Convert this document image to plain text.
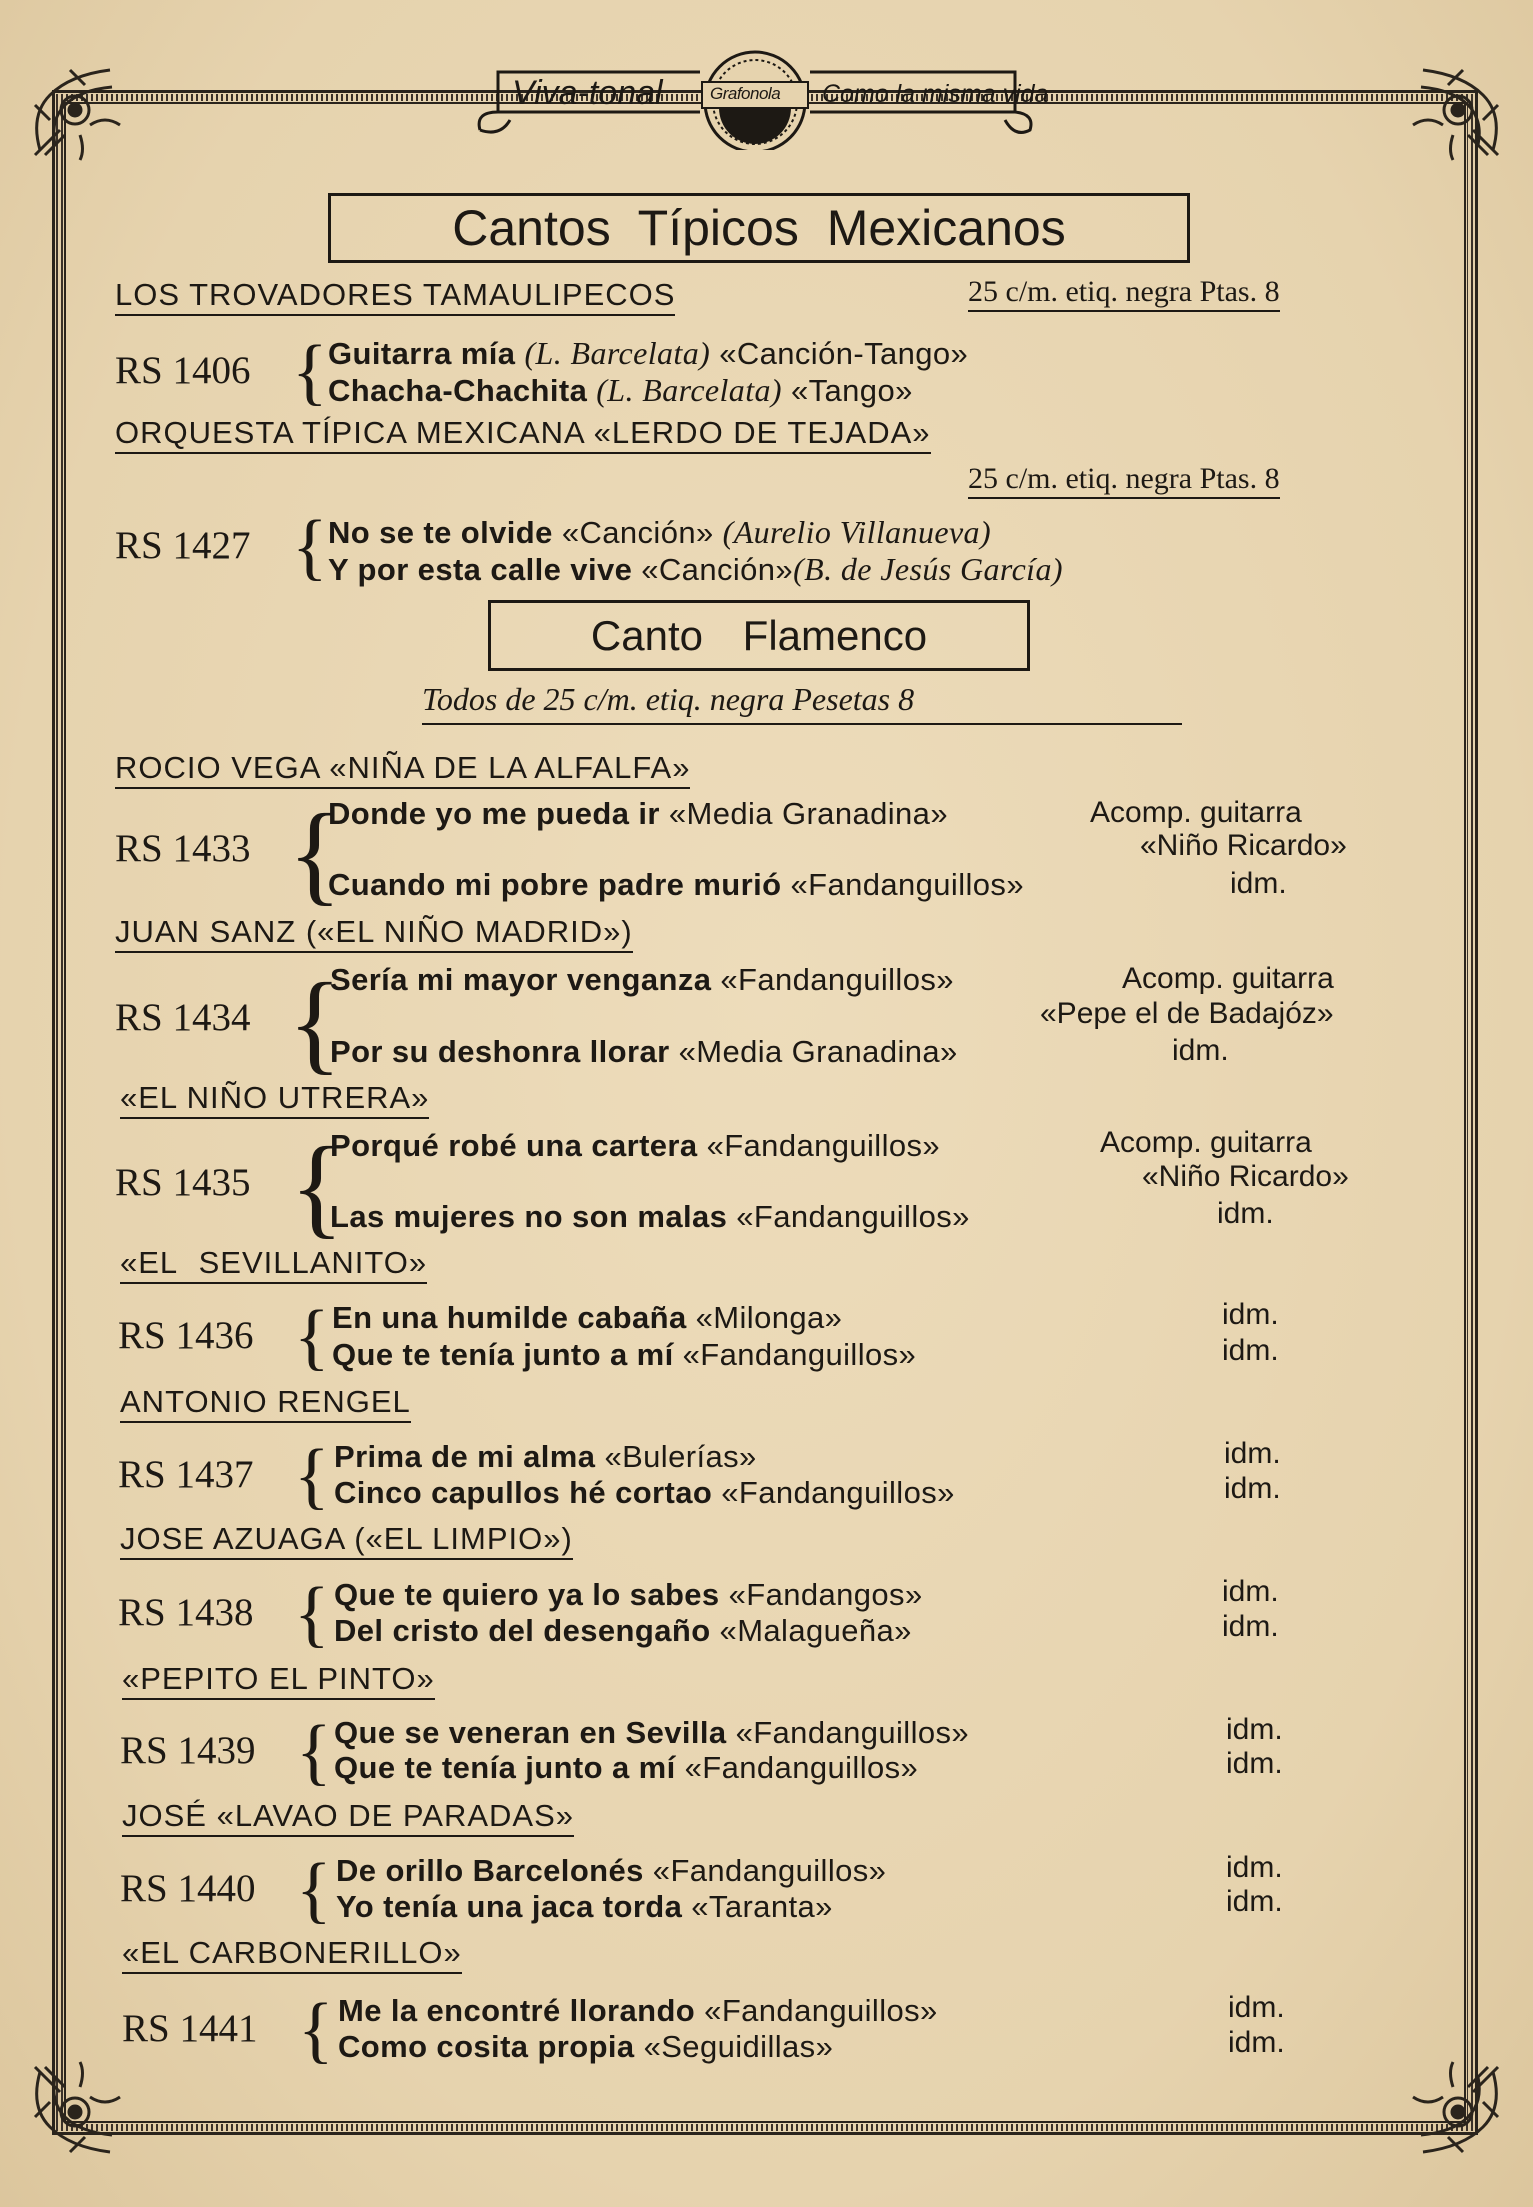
Viva-tonal	Grafonola Como la misma vida
Cantos Típicos Mexicanos
LOS TROVADORES TAMAULIPECOS	25 c/m. etiq. negra Ptas. 8
RS 1406 { Guitarra mía (L. Barcelata) «Canción-Tango»
Chacha-Chachita (L. Barcelata) «Tango»
ORQUESTA TÍPICA MEXICANA «LERDO DE TEJADA»
25 c/m. etiq. negra Ptas. 8
RS 1427 { No se te olvide «Canción» (Aurelio Villanueva)
Y por esta calle vive «Canción»(B. de Jesús García)
Canto Flamenco
Todos de 25 c/m. etiq. negra Pesetas 8
ROCIO VEGA «NIÑA DE LA ALFALFA»
RS 1433 {
Donde yo me pueda ir «Media Granadina»	Acomp. guitarra
«Niño Ricardo»
Cuando mi pobre padre murió «Fandanguillos»	idm.
JUAN SANZ («EL NIÑO MADRID»)
RS 1434 {
Sería mi mayor venganza «Fandanguillos»	Acomp. guitarra
«Pepe el de Badajóz»
Por su deshonra llorar «Media Granadina»	idm.
«EL NIÑO UTRERA»
RS 1435 {
Porqué robé una cartera «Fandanguillos»	Acomp. guitarra
«Niño Ricardo»
Las mujeres no son malas «Fandanguillos»	idm.
«EL SEVILLANITO»
RS 1436 { En una humilde cabaña «Milonga»	idm.
Que te tenía junto a mí «Fandanguillos»	idm.
ANTONIO RENGEL
RS 1437 { Prima de mi alma «Bulerías»	idm.
Cinco capullos hé cortao «Fandanguillos»	idm.
JOSE AZUAGA («EL LIMPIO»)
RS 1438 { Que te quiero ya lo sabes «Fandangos»	idm.
Del cristo del desengaño «Malagueña»	idm.
«PEPITO EL PINTO»
RS 1439 { Que se veneran en Sevilla «Fandanguillos»	idm.
Que te tenía junto a mí «Fandanguillos»	idm.
JOSÉ «LAVAO DE PARADAS»
RS 1440 { De orillo Barcelonés «Fandanguillos»	idm.
Yo tenía una jaca torda «Taranta»	idm.
«EL CARBONERILLO»
RS 1441 { Me la encontré llorando «Fandanguillos»	idm.
Como cosita propia «Seguidillas»	idm.
